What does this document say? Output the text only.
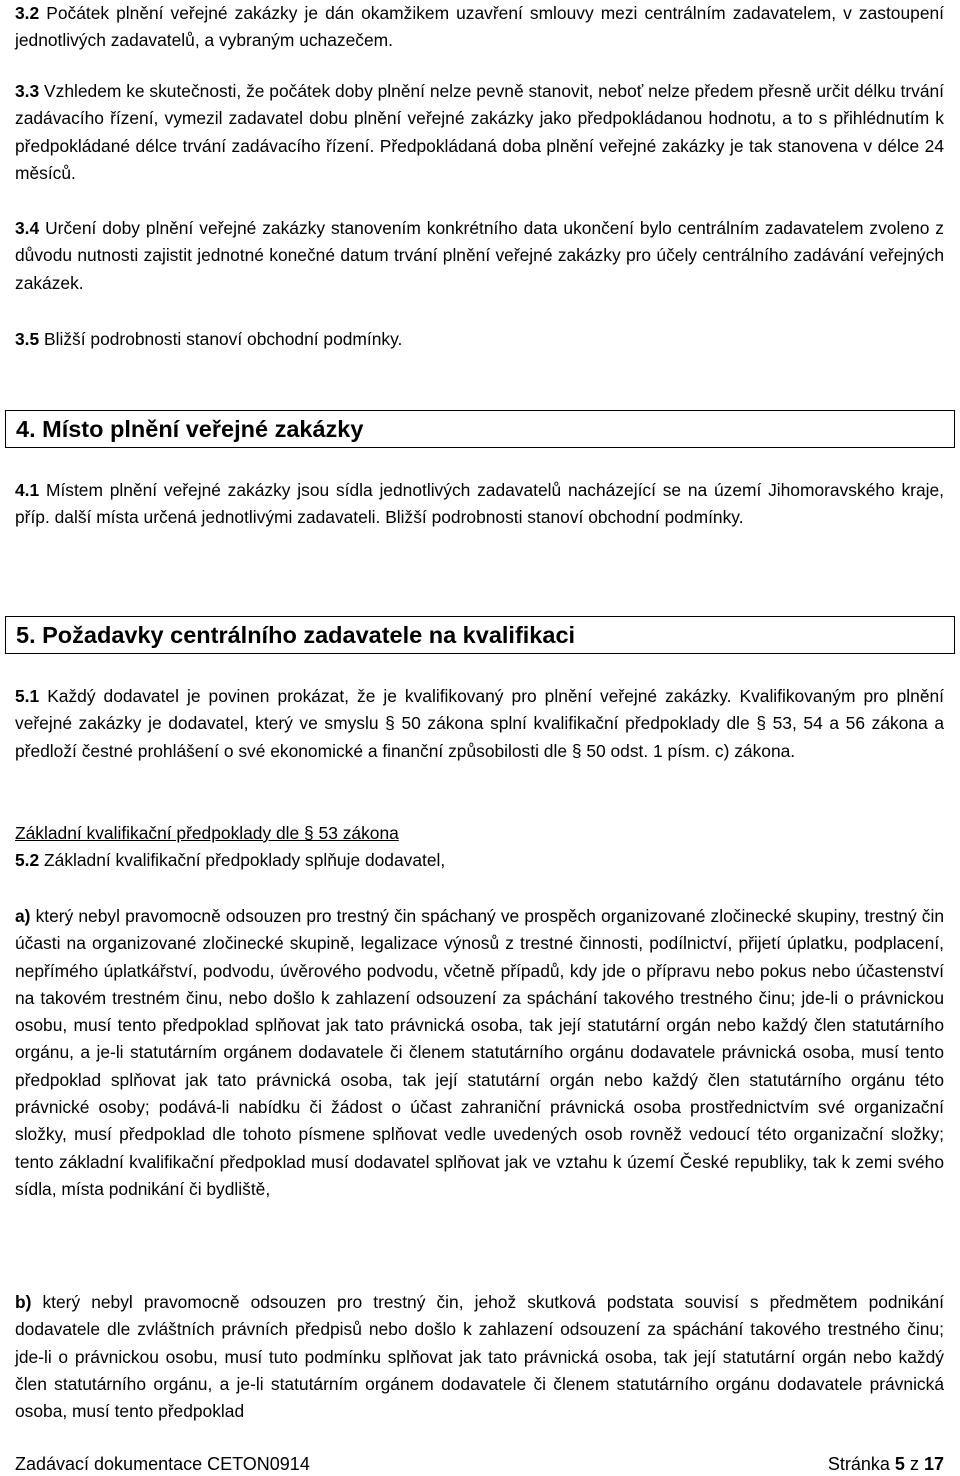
3.2 Počátek plnění veřejné zakázky je dán okamžikem uzavření smlouvy mezi centrálním zadavatelem, v zastoupení jednotlivých zadavatelů, a vybraným uchazečem.

3.3 Vzhledem ke skutečnosti, že počátek doby plnění nelze pevně stanovit, neboť nelze předem přesně určit délku trvání zadávacího řízení, vymezil zadavatel dobu plnění veřejné zakázky jako předpokládanou hodnotu, a to s přihlédnutím k předpokládané délce trvání zadávacího řízení. Předpokládaná doba plnění veřejné zakázky je tak stanovena v délce 24 měsíců.

3.4 Určení doby plnění veřejné zakázky stanovením konkrétního data ukončení bylo centrálním zadavatelem zvoleno z důvodu nutnosti zajistit jednotné konečné datum trvání plnění veřejné zakázky pro účely centrálního zadávání veřejných zakázek.

3.5 Bližší podrobnosti stanoví obchodní podmínky.

4. Místo plnění veřejné zakázky

4.1 Místem plnění veřejné zakázky jsou sídla jednotlivých zadavatelů nacházející se na území Jihomoravského kraje, příp. další místa určená jednotlivými zadavateli. Bližší podrobnosti stanoví obchodní podmínky.

5. Požadavky centrálního zadavatele na kvalifikaci

5.1 Každý dodavatel je povinen prokázat, že je kvalifikovaný pro plnění veřejné zakázky. Kvalifikovaným pro plnění veřejné zakázky je dodavatel, který ve smyslu § 50 zákona splní kvalifikační předpoklady dle § 53, 54 a 56 zákona a předloží čestné prohlášení o své ekonomické a finanční způsobilosti dle § 50 odst. 1 písm. c) zákona.

Základní kvalifikační předpoklady dle § 53 zákona

5.2 Základní kvalifikační předpoklady splňuje dodavatel,

a) který nebyl pravomocně odsouzen pro trestný čin spáchaný ve prospěch organizované zločinecké skupiny, trestný čin účasti na organizované zločinecké skupině, legalizace výnosů z trestné činnosti, podílnictví, přijetí úplatku, podplacení, nepřímého úplatkářství, podvodu, úvěrového podvodu, včetně případů, kdy jde o přípravu nebo pokus nebo účastenství na takovém trestném činu, nebo došlo k zahlazení odsouzení za spáchání takového trestného činu; jde-li o právnickou osobu, musí tento předpoklad splňovat jak tato právnická osoba, tak její statutární orgán nebo každý člen statutárního orgánu, a je-li statutárním orgánem dodavatele či členem statutárního orgánu dodavatele právnická osoba, musí tento předpoklad splňovat jak tato právnická osoba, tak její statutární orgán nebo každý člen statutárního orgánu této právnické osoby; podává-li nabídku či žádost o účast zahraniční právnická osoba prostřednictvím své organizační složky, musí předpoklad dle tohoto písmene splňovat vedle uvedených osob rovněž vedoucí této organizační složky; tento základní kvalifikační předpoklad musí dodavatel splňovat jak ve vztahu k území České republiky, tak k zemi svého sídla, místa podnikání či bydliště,

b) který nebyl pravomocně odsouzen pro trestný čin, jehož skutková podstata souvisí s předmětem podnikání dodavatele dle zvláštních právních předpisů nebo došlo k zahlazení odsouzení za spáchání takového trestného činu; jde-li o právnickou osobu, musí tuto podmínku splňovat jak tato právnická osoba, tak její statutární orgán nebo každý člen statutárního orgánu, a je-li statutárním orgánem dodavatele či členem statutárního orgánu dodavatele právnická osoba, musí tento předpoklad

Zadávací dokumentace CETON0914	Stránka 5 z 17
